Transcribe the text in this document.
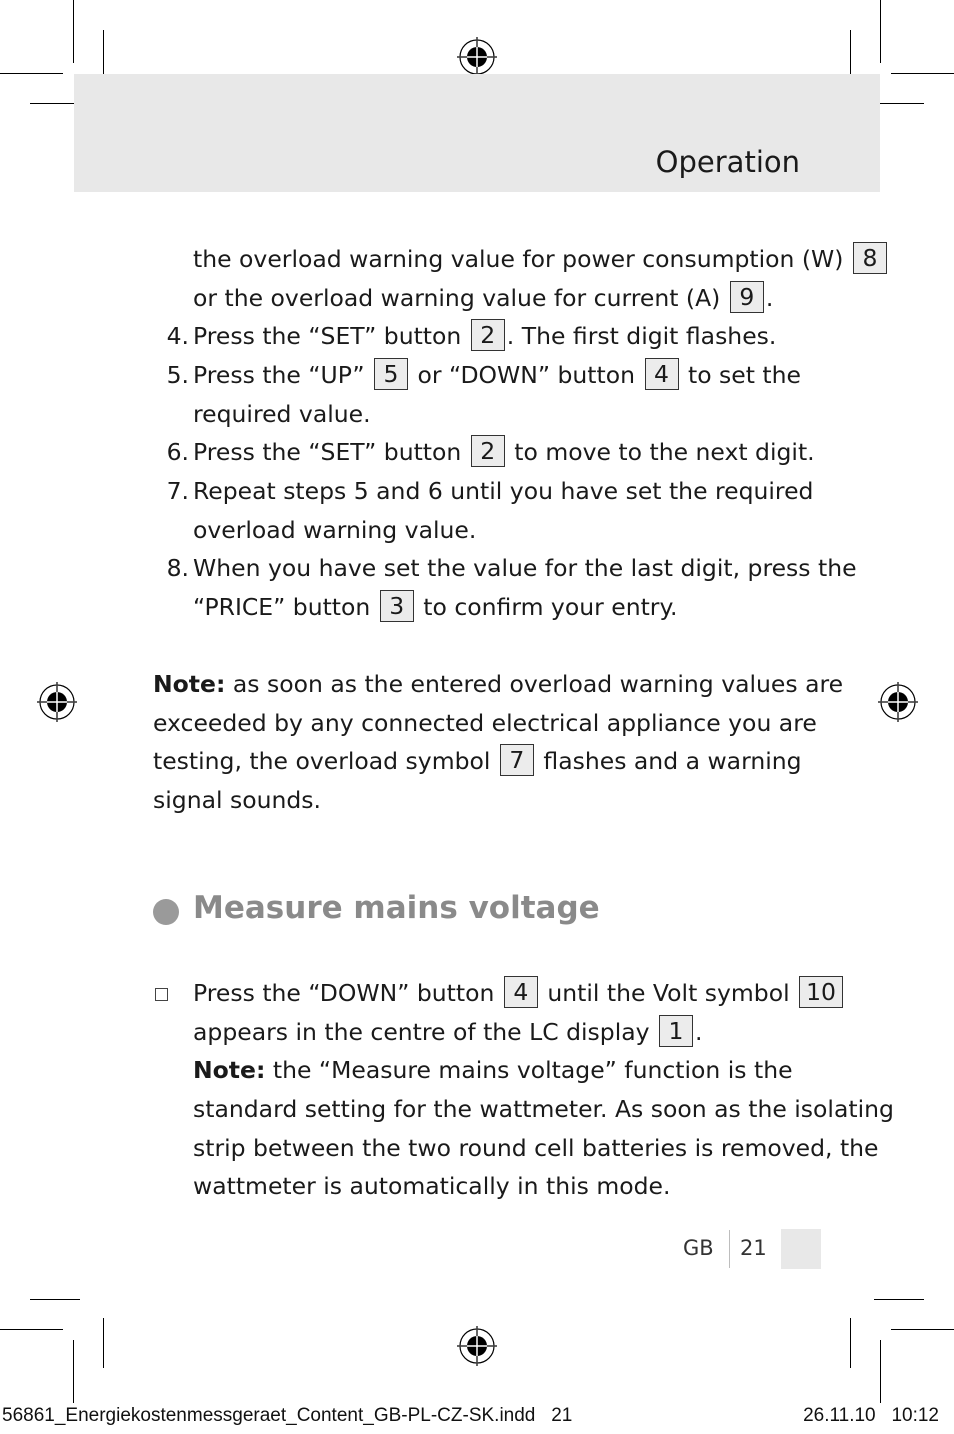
Operation
the overload warning value for power consumption (W) 8
or the overload warning value for current (A) 9 .
4. Press the “SET” button 2 . The first digit flashes.
5. Press the “UP” 5 or “DOWN” button 4 to set the
required value.
6. Press the “SET” button 2 to move to the next digit.
7. Repeat steps 5 and 6 until you have set the required
overload warning value.
8. When you have set the value for the last digit, press the
“PRICE” button 3 to confirm your entry.
Note: as soon as the entered overload warning values are
exceeded by any connected electrical appliance you are
testing, the overload symbol 7 flashes and a warning
signal sounds.
Measure mains voltage
Press the “DOWN” button 4 until the Volt symbol 10
appears in the centre of the LC display 1 .
Note: the “Measure mains voltage” function is the
standard setting for the wattmeter. As soon as the isolating
strip between the two round cell batteries is removed, the
wattmeter is automatically in this mode.
GB 21
56861_Energiekostenmessgeraet_Content_GB-PL-CZ-SK.indd   21	26.11.10   10:12
